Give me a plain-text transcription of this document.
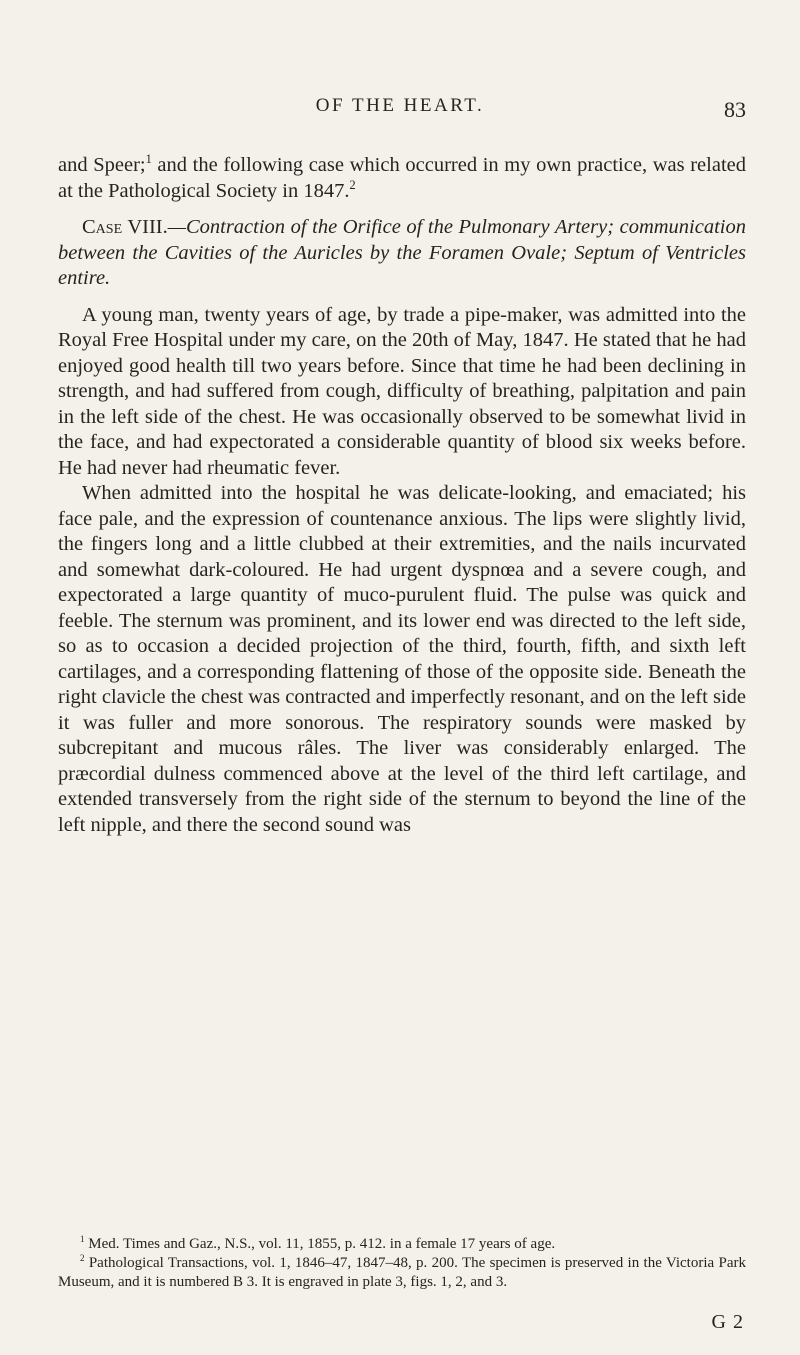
OF THE HEART.	83

and Speer;$^1$ and the following case which occurred in my own practice, was related at the Pathological Society in 1847.$^2$

Case VIII.—Contraction of the Orifice of the Pulmonary Artery; communication between the Cavities of the Auricles by the Foramen Ovale; Septum of Ventricles entire.

A young man, twenty years of age, by trade a pipe-maker, was admitted into the Royal Free Hospital under my care, on the 20th of May, 1847. He stated that he had enjoyed good health till two years before. Since that time he had been declining in strength, and had suffered from cough, difficulty of breathing, palpitation and pain in the left side of the chest. He was occasionally observed to be somewhat livid in the face, and had expectorated a considerable quantity of blood six weeks before. He had never had rheumatic fever.

When admitted into the hospital he was delicate-looking, and emaciated; his face pale, and the expression of countenance anxious. The lips were slightly livid, the fingers long and a little clubbed at their extremities, and the nails incurvated and somewhat dark-coloured. He had urgent dyspnœa and a severe cough, and expectorated a large quantity of muco-purulent fluid. The pulse was quick and feeble. The sternum was prominent, and its lower end was directed to the left side, so as to occasion a decided projection of the third, fourth, fifth, and sixth left cartilages, and a corresponding flattening of those of the opposite side. Beneath the right clavicle the chest was contracted and imperfectly resonant, and on the left side it was fuller and more sonorous. The respiratory sounds were masked by subcrepitant and mucous râles. The liver was considerably enlarged. The præcordial dulness commenced above at the level of the third left cartilage, and extended transversely from the right side of the sternum to beyond the line of the left nipple, and there the second sound was

$^1$ Med. Times and Gaz., N.S., vol. 11, 1855, p. 412. in a female 17 years of age.

$^2$ Pathological Transactions, vol. 1, 1846–47, 1847–48, p. 200. The specimen is preserved in the Victoria Park Museum, and it is numbered B 3. It is engraved in plate 3, figs. 1, 2, and 3.

G 2
